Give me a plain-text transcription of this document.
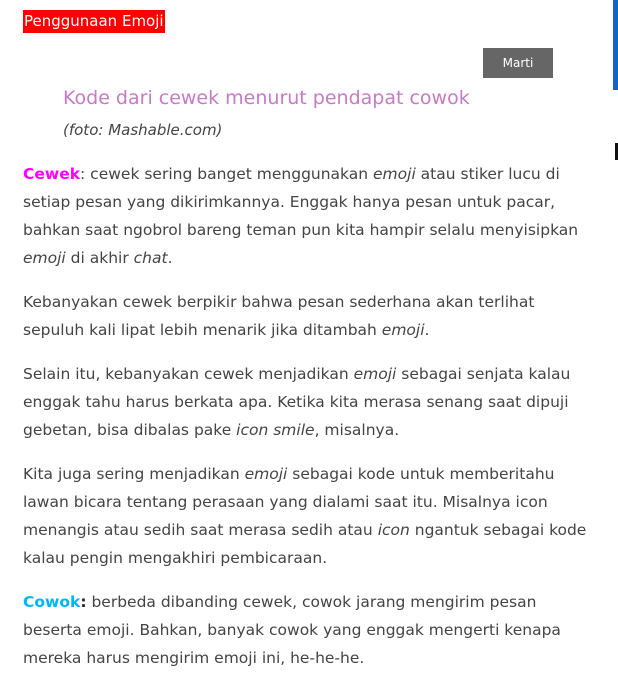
Penggunaan Emoji
Marti
Kode dari cewek menurut pendapat cowok
(foto: Mashable.com)

Cewek: cewek sering banget menggunakan emoji atau stiker lucu di setiap pesan yang dikirimkannya. Enggak hanya pesan untuk pacar, bahkan saat ngobrol bareng teman pun kita hampir selalu menyisipkan emoji di akhir chat.

Kebanyakan cewek berpikir bahwa pesan sederhana akan terlihat sepuluh kali lipat lebih menarik jika ditambah emoji.

Selain itu, kebanyakan cewek menjadikan emoji sebagai senjata kalau enggak tahu harus berkata apa. Ketika kita merasa senang saat dipuji gebetan, bisa dibalas pake icon smile, misalnya.

Kita juga sering menjadikan emoji sebagai kode untuk memberitahu lawan bicara tentang perasaan yang dialami saat itu. Misalnya icon menangis atau sedih saat merasa sedih atau icon ngantuk sebagai kode kalau pengin mengakhiri pembicaraan.

Cowok: berbeda dibanding cewek, cowok jarang mengirim pesan beserta emoji. Bahkan, banyak cowok yang enggak mengerti kenapa mereka harus mengirim emoji ini, he-he-he.
